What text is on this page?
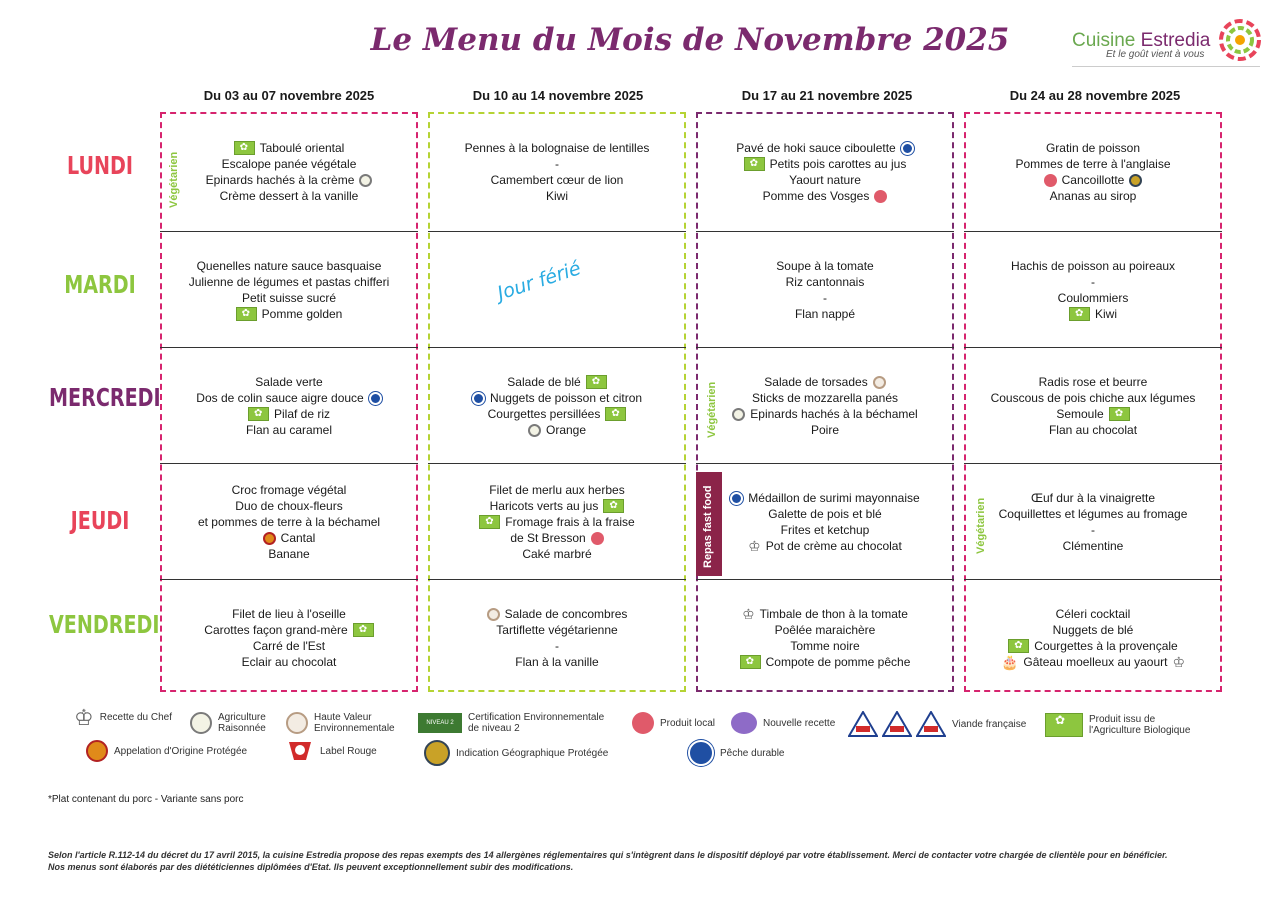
Le Menu du Mois de Novembre 2025	Cuisine Estredia
Et le goût vient à vous
Du 03 au 07 novembre 2025	Du 10 au 14 novembre 2025	Du 17 au 21 novembre 2025	Du 24 au 28 novembre 2025
LUNDI
MARDI
MERCREDI
JEUDI
VENDREDI
✿
Taboulé oriental
Escalope panée végétale
Epinards hachés à la crème
Crème dessert à la vanille
Quenelles nature sauce basquaise
Julienne de légumes et pastas chifferi
Petit suisse sucré
✿
Pomme golden
Salade verte
Dos de colin sauce aigre douce
✿
Pilaf de riz
Flan au caramel
Croc fromage végétal
Duo de choux-fleurs
et pommes de terre à la béchamel
Cantal
Banane
Filet de lieu à l'oseille
Carottes façon grand-mère
✿
Carré de l'Est
Eclair au chocolat
Pennes à la bolognaise de lentilles
-
Camembert cœur de lion
Kiwi
Salade de blé
✿
Nuggets de poisson et citron
Courgettes persillées
✿
Orange
Filet de merlu aux herbes
Haricots verts au jus
✿
✿
Fromage frais à la fraise
de St Bresson
Caké marbré
Salade de concombres
Tartiflette végétarienne
-
Flan à la vanille
Pavé de hoki sauce ciboulette
✿
Petits pois carottes au jus
Yaourt nature
Pomme des Vosges
Soupe à la tomate
Riz cantonnais
-
Flan nappé
Salade de torsades
Sticks de mozzarella panés
Epinards hachés à la béchamel
Poire
Médaillon de surimi mayonnaise
Galette de pois et blé
Frites et ketchup
♔ Pot de crème au chocolat
♔ Timbale de thon à la tomate
Poêlée maraichère
Tomme noire
✿
Compote de pomme pêche
Gratin de poisson
Pommes de terre à l'anglaise
Cancoillotte
Ananas au sirop
Hachis de poisson au poireaux
-
Coulommiers
✿
Kiwi
Radis rose et beurre
Couscous de pois chiche aux légumes
Semoule
✿
Flan au chocolat
Œuf dur à la vinaigrette
Coquillettes et légumes au fromage
-
Clémentine
Céleri cocktail
Nuggets de blé
✿
Courgettes à la provençale
🎂 Gâteau moelleux au yaourt ♔
Végétarien
Végétarien
Végétarien
Repas fast food
Jour férié
♔ Recette du Chef	Agriculture
Raisonnée
Haute Valeur
Environnementale	NIVEAU 2	Certification Environnementale
de niveau 2	Produit local	Nouvelle recette	Viande française
✿	Produit issu de
l'Agriculture Biologique
Appelation d'Origine Protégée	Label Rouge	Indication Géographique Protégée	Pêche durable
*Plat contenant du porc - Variante sans porc
Selon l'article R.112-14 du décret du 17 avril 2015, la cuisine Estredia propose des repas exempts des 14 allergènes réglementaires qui s'intègrent dans le dispositif déployé par votre établissement. Merci de contacter votre chargée de clientèle pour en bénéficier.
Nos menus sont élaborés par des diététiciennes diplômées d'Etat. Ils peuvent exceptionnellement subir des modifications.
